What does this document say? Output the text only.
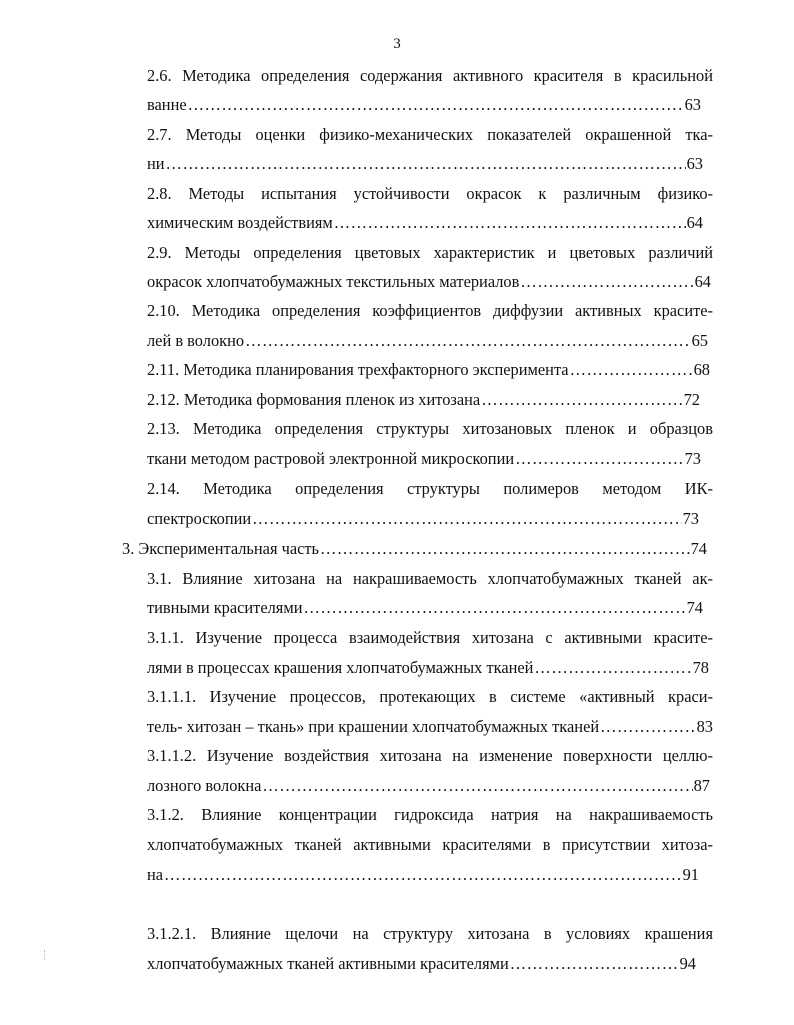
3
2.6. Методика определения содержания активного красителя в красильной
ванне ………………………………………………………………………………………………………………………………………………………………………	63
2.7. Методы оценки физико-механических показателей окрашенной тка-
ни ………………………………………………………………………………………………………………………………………………………………………	63
2.8. Методы испытания устойчивости окрасок к различным физико-
химическим воздействиям ………………………………………………………………………………………………………………………………………………………………………	64
2.9. Методы определения цветовых характеристик и цветовых различий
окрасок хлопчатобумажных текстильных материалов ………………………………………………………………………………………………………………………………………………………………………	64
2.10. Методика определения коэффициентов диффузии активных красите-
лей в волокно ………………………………………………………………………………………………………………………………………………………………………	65
2.11. Методика планирования трехфакторного эксперимента ………………………………………………………………………………………………………………………………………………………………………	68
2.12. Методика формования пленок из хитозана ………………………………………………………………………………………………………………………………………………………………………	72
2.13. Методика определения структуры хитозановых пленок и образцов
ткани методом растровой электронной микроскопии ………………………………………………………………………………………………………………………………………………………………………	73
2.14. Методика определения структуры полимеров методом ИК-
спектроскопии ………………………………………………………………………………………………………………………………………………………………………	73
3. Экспериментальная часть ………………………………………………………………………………………………………………………………………………………………………	74
3.1. Влияние хитозана на накрашиваемость хлопчатобумажных тканей ак-
тивными красителями ………………………………………………………………………………………………………………………………………………………………………	74
3.1.1. Изучение процесса взаимодействия хитозана с активными красите-
лями в процессах крашения хлопчатобумажных тканей ………………………………………………………………………………………………………………………………………………………………………	78
3.1.1.1. Изучение процессов, протекающих в системе «активный краси-
тель- хитозан – ткань» при крашении хлопчатобумажных тканей ………………………………………………………………………………………………………………………………………………………………………	83
3.1.1.2. Изучение воздействия хитозана на изменение поверхности целлю-
лозного волокна ………………………………………………………………………………………………………………………………………………………………………	87
3.1.2. Влияние концентрации гидроксида натрия на накрашиваемость
хлопчатобумажных тканей активными красителями в присутствии хитоза-
на ………………………………………………………………………………………………………………………………………………………………………	91
3.1.2.1. Влияние щелочи на структуру хитозана в условиях крашения
хлопчатобумажных тканей активными красителями ………………………………………………………………………………………………………………………………………………………………………	94
